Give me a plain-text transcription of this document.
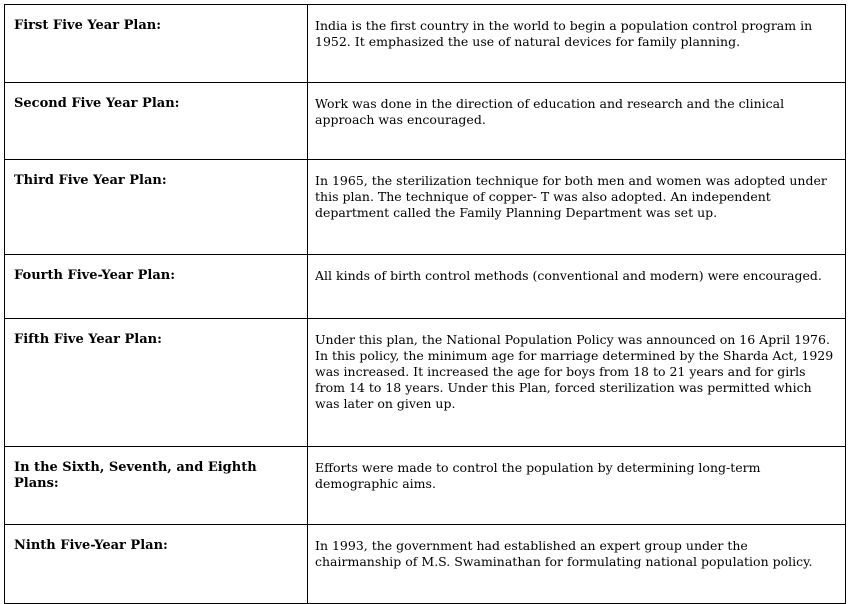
First Five Year Plan:	India is the first country in the world to begin a population control program in 1952. It emphasized the use of natural devices for family planning.

Second Five Year Plan:	Work was done in the direction of education and research and the clinical approach was encouraged.

Third Five Year Plan:	In 1965, the sterilization technique for both men and women was adopted under this plan. The technique of copper- T was also adopted. An independent department called the Family Planning Department was set up.

Fourth Five-Year Plan:	All kinds of birth control methods (conventional and modern) were encouraged.

Fifth Five Year Plan:	Under this plan, the National Population Policy was announced on 16 April 1976. In this policy, the minimum age for marriage determined by the Sharda Act, 1929 was increased. It increased the age for boys from 18 to 21 years and for girls from 14 to 18 years. Under this Plan, forced sterilization was permitted which was later on given up.

In the Sixth, Seventh, and Eighth Plans:	Efforts were made to control the population by determining long-term demographic aims.

Ninth Five-Year Plan:	In 1993, the government had established an expert group under the chairmanship of M.S. Swaminathan for formulating national population policy.
